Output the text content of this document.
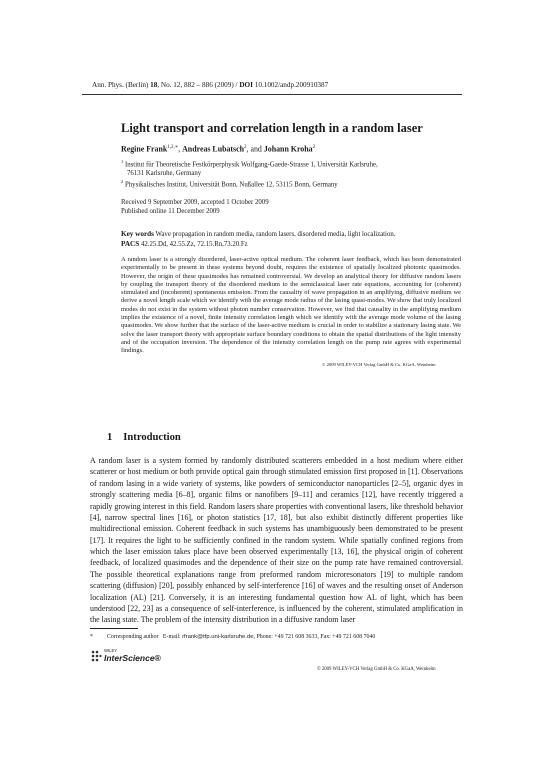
Ann. Phys. (Berlin) 18, No. 12, 882 – 886 (2009) / DOI 10.1002/andp.200910387
Light transport and correlation length in a random laser
Regine Frank$^{1,2,∗}$, Andreas Lubatsch$^2$, and Johann Kroha$^2$
$^1$ Institut für Theoretische Festkörperphysik Wolfgang-Gaede-Strasse 1, Universität Karlsruhe,
76131 Karlsruhe, Germany
$^2$ Physikalisches Institut, Universität Bonn, Nußallee 12, 53115 Bonn, Germany
Received 9 September 2009, accepted 1 October 2009
Published online 11 December 2009
Key words Wave propagation in random media, random lasers, disordered media, light localization.
PACS 42.25.Dd, 42.55.Zz, 72.15.Rn,73.20.Fz
A random laser is a strongly disordered, laser-active optical medium. The coherent laser feedback, which has been demonstrated experimentally to be present in these systems beyond doubt, requires the existence of spatially localized photonic quasimodes. However, the origin of these quasimodes has remained controversial. We develop an analytical theory for diffusive random lasers by coupling the transport theory of the disordered medium to the semiclassical laser rate equations, accounting for (coherent) stimulated and (incoherent) spontaneous emission. From the causality of wave propagation in an amplifying, diffusive medium we derive a novel length scale which we identify with the average mode radius of the lasing quasi-modes. We show that truly localized modes do not exist in the system without photon number conservation. However, we find that causality in the amplifying medium implies the existence of a novel, finite intensity correlation length which we identify with the average mode volume of the lasing quasimodes. We show further that the surface of the laser-active medium is crucial in order to stabilize a stationary lasing state. We solve the laser transport theory with appropriate surface boundary conditions to obtain the spatial distributions of the light intensity and of the occupation inversion. The dependence of the intensity correlation length on the pump rate agrees with experimental findings.
© 2009 WILEY-VCH Verlag GmbH & Co. KGaA, Weinheim
1 Introduction
A random laser is a system formed by randomly distributed scatterers embedded in a host medium where either scatterer or host medium or both provide optical gain through stimulated emission first proposed in [1]. Observations of random lasing in a wide variety of systems, like powders of semiconductor nanoparticles [2–5], organic dyes in strongly scattering media [6–8], organic films or nanofibers [9–11] and ceramics [12], have recently triggered a rapidly growing interest in this field. Random lasers share properties with conventional lasers, like threshold behavior [4], narrow spectral lines [16], or photon statistics [17, 18], but also exhibit distinctly different properties like multidirectional emission. Coherent feedback in such systems has unambiguously been demonstrated to be present [17]. It requires the light to be sufficiently confined in the random system. While spatially confined regions from which the laser emission takes place have been observed experimentally [13, 16], the physical origin of coherent feedback, of localized quasimodes and the dependence of their size on the pump rate have remained controversial. The possible theoretical explanations range from preformed random microresonators [19] to multiple random scattering (diffusion) [20], possibly enhanced by self-interference [16] of waves and the resulting onset of Anderson localization (AL) [21]. Conversely, it is an interesting fundamental question how AL of light, which has been understood [22, 23] as a consequence of self-interference, is influenced by the coherent, stimulated amplification in the lasing state. The problem of the intensity distribution in a diffusive random laser
* Corresponding author E-mail: rfrank@tfp.uni-karlsruhe.de, Phone: +49 721 608 3633, Fax: +49 721 608 7040
WILEY
InterScience®
© 2009 WILEY-VCH Verlag GmbH & Co. KGaA, Weinheim
